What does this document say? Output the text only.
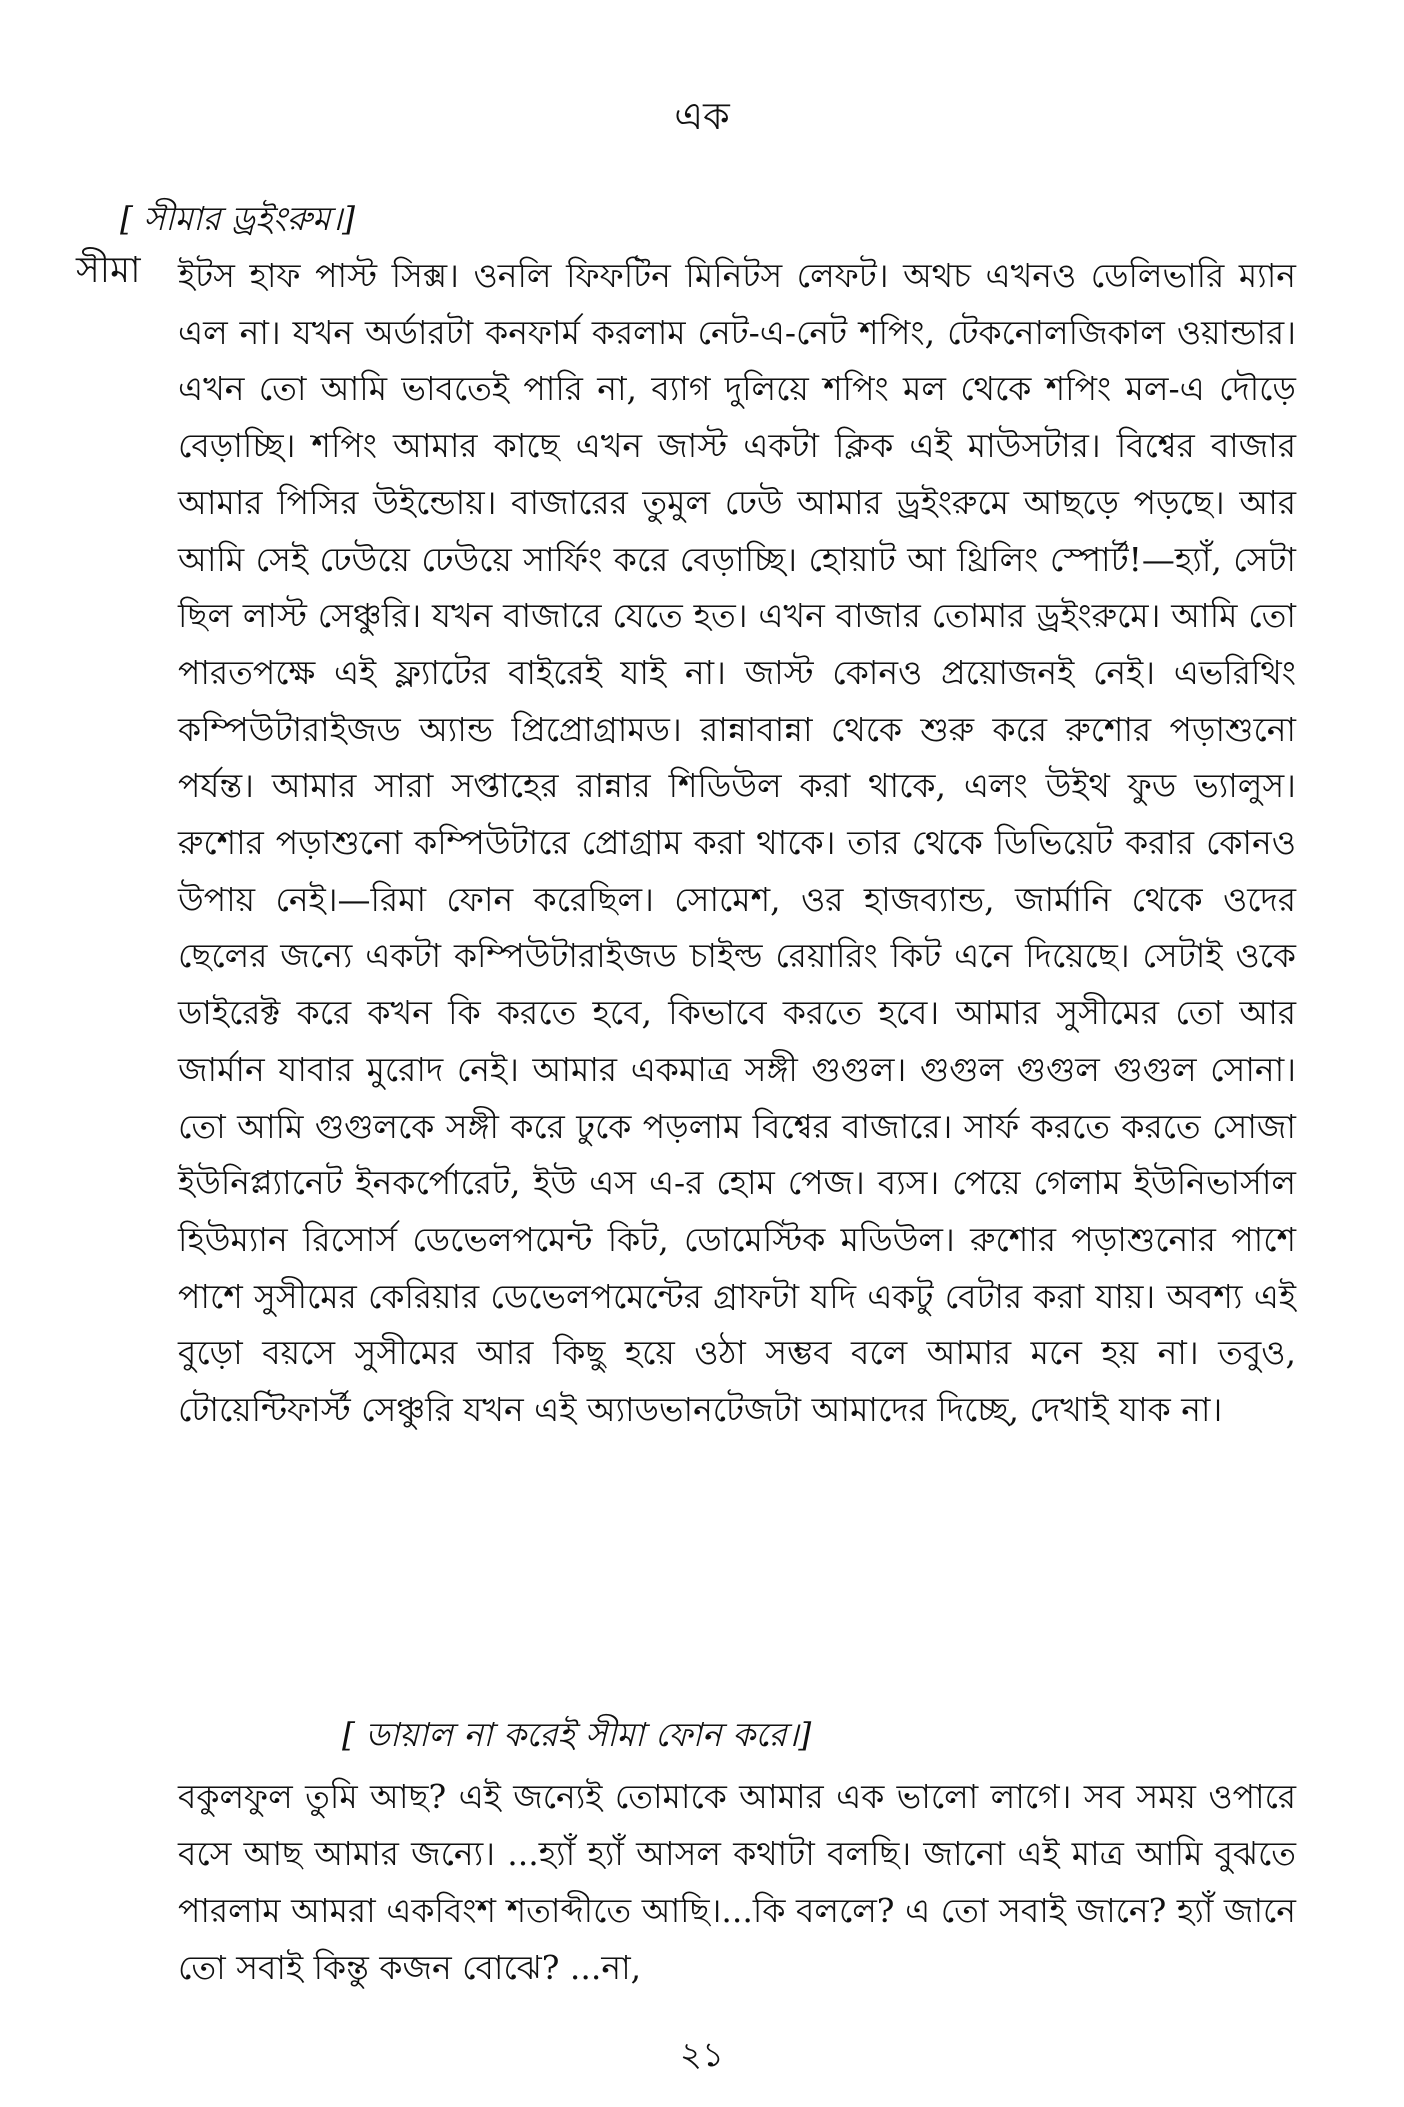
এক
[ সীমার ড্রইংরুম।]
সীমা ইটস হাফ পাস্ট সিক্স। ওনলি ফিফটিন মিনিটস লেফট। অথচ এখনও ডেলিভারি ম্যান এল না। যখন অর্ডারটা কনফার্ম করলাম নেট-এ-নেট শপিং, টেকনোলজিকাল ওয়ান্ডার। এখন তো আমি ভাবতেই পারি না, ব্যাগ দুলিয়ে শপিং মল থেকে শপিং মল-এ দৌড়ে বেড়াচ্ছি। শপিং আমার কাছে এখন জাস্ট একটা ক্লিক এই মাউসটার। বিশ্বের বাজার আমার পিসির উইন্ডোয়। বাজারের তুমুল ঢেউ আমার ড্রইংরুমে আছড়ে পড়ছে। আর আমি সেই ঢেউয়ে ঢেউয়ে সার্ফিং করে বেড়াচ্ছি। হোয়াট আ থ্রিলিং স্পোর্ট!—হ্যাঁ, সেটা ছিল লাস্ট সেঞ্চুরি। যখন বাজারে যেতে হত। এখন বাজার তোমার ড্রইংরুমে। আমি তো পারতপক্ষে এই ফ্ল্যাটের বাইরেই যাই না। জাস্ট কোনও প্রয়োজনই নেই। এভরিথিং কম্পিউটারাইজড অ্যান্ড প্রিপ্রোগ্রামড। রান্নাবান্না থেকে শুরু করে রুশোর পড়াশুনো পর্যন্ত। আমার সারা সপ্তাহের রান্নার শিডিউল করা থাকে, এলং উইথ ফুড ভ্যালুস। রুশোর পড়াশুনো কম্পিউটারে প্রোগ্রাম করা থাকে। তার থেকে ডিভিয়েট করার কোনও উপায় নেই।—রিমা ফোন করেছিল। সোমেশ, ওর হাজব্যান্ড, জার্মানি থেকে ওদের ছেলের জন্যে একটা কম্পিউটারাইজড চাইল্ড রেয়ারিং কিট এনে দিয়েছে। সেটাই ওকে ডাইরেক্ট করে কখন কি করতে হবে, কিভাবে করতে হবে। আমার সুসীমের তো আর জার্মান যাবার মুরোদ নেই। আমার একমাত্র সঙ্গী গুগুল। গুগুল গুগুল গুগুল সোনা। তো আমি গুগুলকে সঙ্গী করে ঢুকে পড়লাম বিশ্বের বাজারে। সার্ফ করতে করতে সোজা ইউনিপ্ল্যানেট ইনকর্পোরেট, ইউ এস এ-র হোম পেজ। ব্যস। পেয়ে গেলাম ইউনিভার্সাল হিউম্যান রিসোর্স ডেভেলপমেন্ট কিট, ডোমেস্টিক মডিউল। রুশোর পড়াশুনোর পাশে পাশে সুসীমের কেরিয়ার ডেভেলপমেন্টের গ্রাফটা যদি একটু বেটার করা যায়। অবশ্য এই বুড়ো বয়সে সুসীমের আর কিছু হয়ে ওঠা সম্ভব বলে আমার মনে হয় না। তবুও, টোয়েন্টিফার্স্ট সেঞ্চুরি যখন এই অ্যাডভানটেজটা আমাদের দিচ্ছে, দেখাই যাক না।

[ ডায়াল না করেই সীমা ফোন করে।]

বকুলফুল তুমি আছ? এই জন্যেই তোমাকে আমার এক ভালো লাগে। সব সময় ওপারে বসে আছ আমার জন্যে। ...হ্যাঁ হ্যাঁ আসল কথাটা বলছি। জানো এই মাত্র আমি বুঝতে পারলাম আমরা একবিংশ শতাব্দীতে আছি।...কি বললে? এ তো সবাই জানে? হ্যাঁ জানে তো সবাই কিন্তু কজন বোঝে? ...না,

২১
